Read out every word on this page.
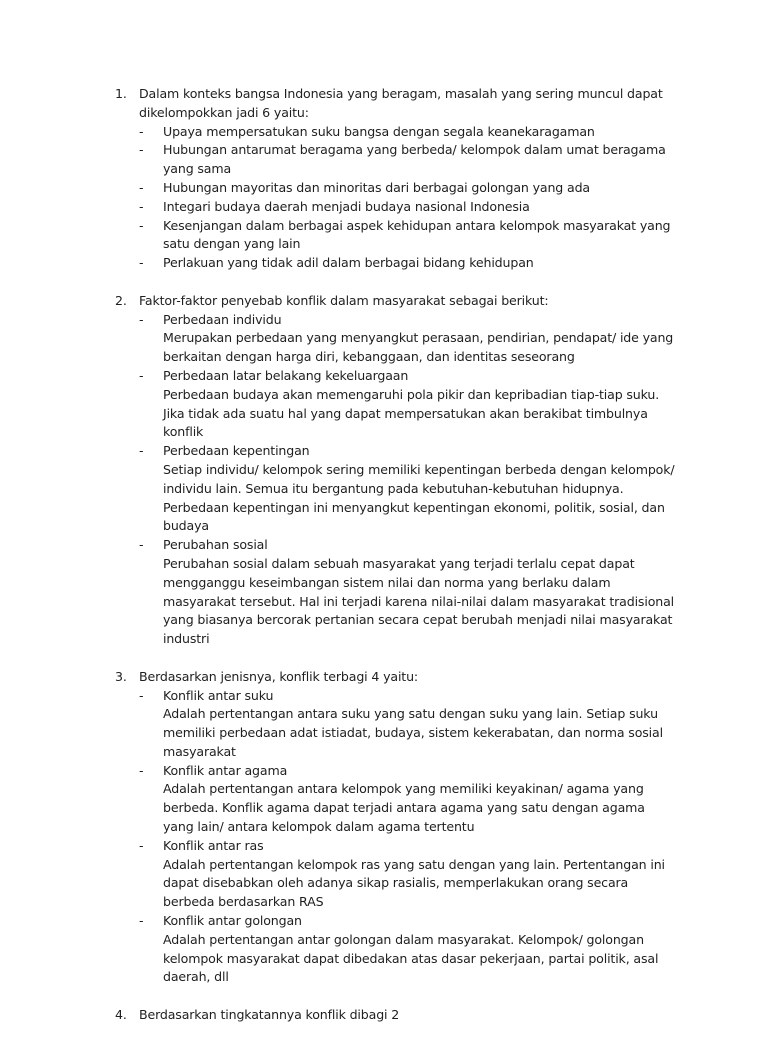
1. Dalam konteks bangsa Indonesia yang beragam, masalah yang sering muncul dapat dikelompokkan jadi 6 yaitu:
- Upaya mempersatukan suku bangsa dengan segala keanekaragaman
- Hubungan antarumat beragama yang berbeda/ kelompok dalam umat beragama yang sama
- Hubungan mayoritas dan minoritas dari berbagai golongan yang ada
- Integari budaya daerah menjadi budaya nasional Indonesia
- Kesenjangan dalam berbagai aspek kehidupan antara kelompok masyarakat yang satu dengan yang lain
- Perlakuan yang tidak adil dalam berbagai bidang kehidupan
2. Faktor-faktor penyebab konflik dalam masyarakat sebagai berikut:
- Perbedaan individu
Merupakan perbedaan yang menyangkut perasaan, pendirian, pendapat/ ide yang berkaitan dengan harga diri, kebanggaan, dan identitas seseorang
- Perbedaan latar belakang kekeluargaan
Perbedaan budaya akan memengaruhi pola pikir dan kepribadian tiap-tiap suku. Jika tidak ada suatu hal yang dapat mempersatukan akan berakibat timbulnya konflik
- Perbedaan kepentingan
Setiap individu/ kelompok sering memiliki kepentingan berbeda dengan kelompok/ individu lain. Semua itu bergantung pada kebutuhan-kebutuhan hidupnya. Perbedaan kepentingan ini menyangkut kepentingan ekonomi, politik, sosial, dan budaya
- Perubahan sosial
Perubahan sosial dalam sebuah masyarakat yang terjadi terlalu cepat dapat mengganggu keseimbangan sistem nilai dan norma yang berlaku dalam masyarakat tersebut. Hal ini terjadi karena nilai-nilai dalam masyarakat tradisional yang biasanya bercorak pertanian secara cepat berubah menjadi nilai masyarakat industri
3. Berdasarkan jenisnya, konflik terbagi 4 yaitu:
- Konflik antar suku
Adalah pertentangan antara suku yang satu dengan suku yang lain. Setiap suku memiliki perbedaan adat istiadat, budaya, sistem kekerabatan, dan norma sosial masyarakat
- Konflik antar agama
Adalah pertentangan antara kelompok yang memiliki keyakinan/ agama yang berbeda. Konflik agama dapat terjadi antara agama yang satu dengan agama yang lain/ antara kelompok dalam agama tertentu
- Konflik antar ras
Adalah pertentangan kelompok ras yang satu dengan yang lain. Pertentangan ini dapat disebabkan oleh adanya sikap rasialis, memperlakukan orang secara berbeda berdasarkan RAS
- Konflik antar golongan
Adalah pertentangan antar golongan dalam masyarakat. Kelompok/ golongan kelompok masyarakat dapat dibedakan atas dasar pekerjaan, partai politik, asal daerah, dll
4. Berdasarkan tingkatannya konflik dibagi 2
